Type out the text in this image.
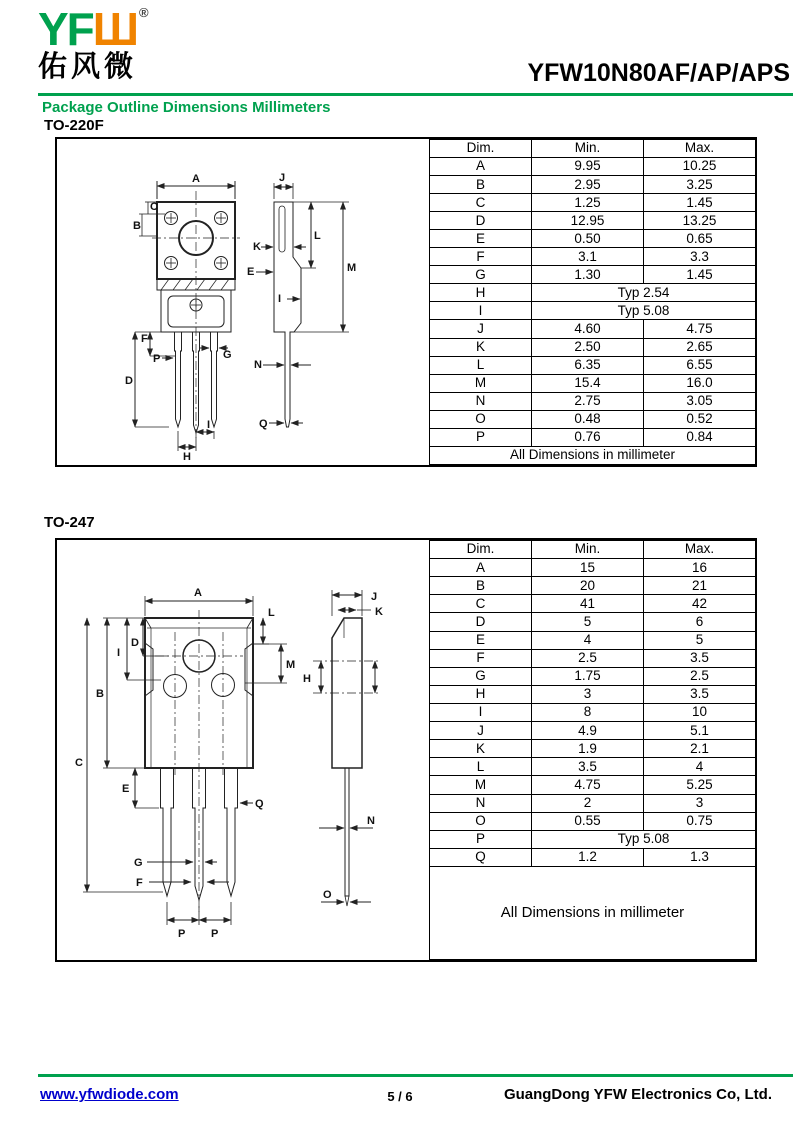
YFШ ®
佑风微	YFW10N80AF/AP/APS
Package Outline Dimensions Millimeters
TO-220F
A	J
C
B
K
L
E	M
I
F
P	G
D
N
I
H
Q
Dim.	Min.	Max.
A	9.95	10.25
B	2.95	3.25
C	1.25	1.45
D	12.95	13.25
E	0.50	0.65
F	3.1	3.3
G	1.30	1.45
H	Typ 2.54	
I	Typ 5.08	
J	4.60	4.75
K	2.50	2.65
L	6.35	6.55
M	15.4	16.0
N	2.75	3.05
O	0.48	0.52
P	0.76	0.84
All Dimensions in millimeter		
TO-247
A
L
D
I
B
C
E
M
Q
G
F
P P
J
K
H
N
O
Dim.	Min.	Max.
A	15	16
B	20	21
C	41	42
D	5	6
E	4	5
F	2.5	3.5
G	1.75	2.5
H	3	3.5
I	8	10
J	4.9	5.1
K	1.9	2.1
L	3.5	4
M	4.75	5.25
N	2	3
O	0.55	0.75
P	Typ 5.08	
Q	1.2	1.3
All Dimensions in millimeter		
www.yfwdiode.com	5 / 6	GuangDong YFW Electronics Co, Ltd.
